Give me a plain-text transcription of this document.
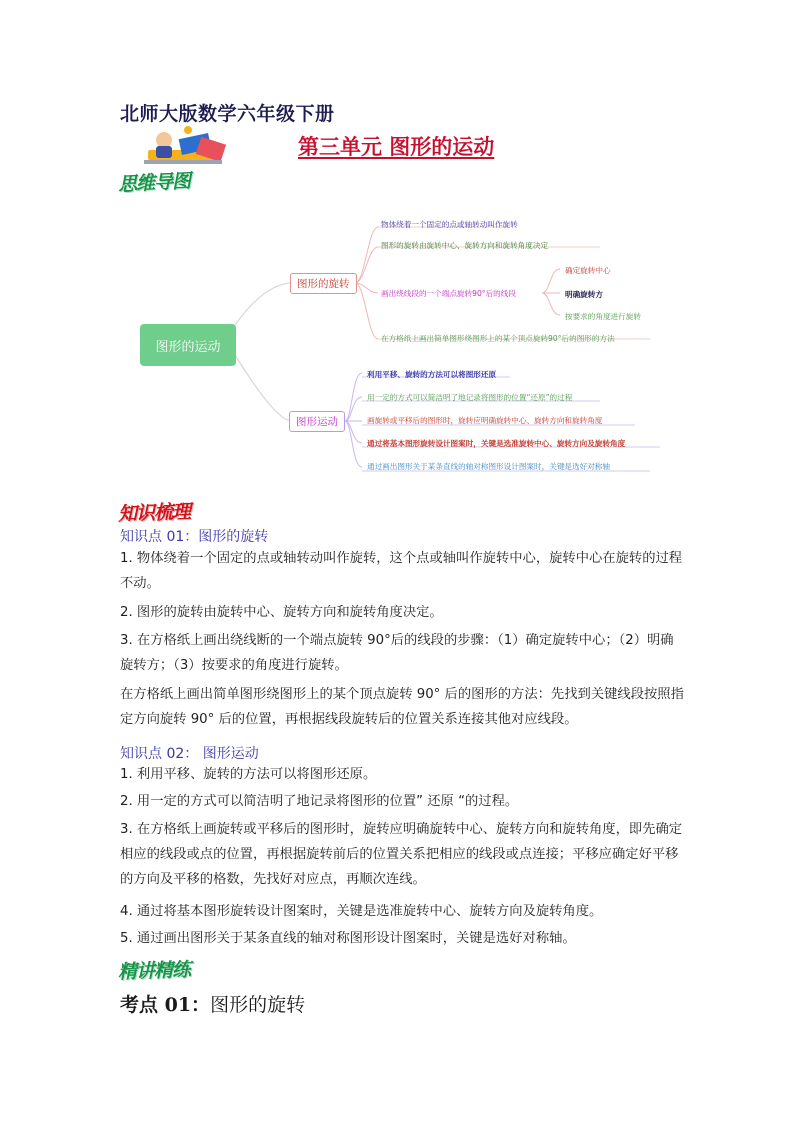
北师大版数学六年级下册
第三单元 图形的运动
思维导图
图形的运动
图形的旋转
物体绕着一个固定的点或轴转动叫作旋转
图形的旋转由旋转中心、旋转方向和旋转角度决定
画出绕线段的一个端点旋转90°后的线段
在方格纸上画出简单图形绕图形上的某个顶点旋转90°后的图形的方法
确定旋转中心
明确旋转方
按要求的角度进行旋转
图形运动
利用平移、旋转的方法可以将图形还原
用一定的方式可以简洁明了地记录将图形的位置“还原”的过程
画旋转或平移后的图形时，旋转应明确旋转中心、旋转方向和旋转角度
通过将基本图形旋转设计图案时，关键是选准旋转中心、旋转方向及旋转角度
通过画出图形关于某条直线的轴对称图形设计图案时，关键是选好对称轴
知识梳理
知识点 01：图形的旋转
1. 物体绕着一个固定的点或轴转动叫作旋转，这个点或轴叫作旋转中心，旋转中心在旋转的过程不动。
2. 图形的旋转由旋转中心、旋转方向和旋转角度决定。
3. 在方格纸上画出绕线断的一个端点旋转 90°后的线段的步骤：（1）确定旋转中心；（2）明确旋转方；（3）按要求的角度进行旋转。
在方格纸上画出简单图形绕图形上的某个顶点旋转 90° 后的图形的方法：先找到关键线段按照指定方向旋转 90° 后的位置，再根据线段旋转后的位置关系连接其他对应线段。
知识点 02： 图形运动
1. 利用平移、旋转的方法可以将图形还原。
2. 用一定的方式可以简洁明了地记录将图形的位置” 还原 “的过程。
3. 在方格纸上画旋转或平移后的图形时，旋转应明确旋转中心、旋转方向和旋转角度，即先确定相应的线段或点的位置，再根据旋转前后的位置关系把相应的线段或点连接；平移应确定好平移的方向及平移的格数，先找好对应点，再顺次连线。
4. 通过将基本图形旋转设计图案时，关键是选准旋转中心、旋转方向及旋转角度。
5. 通过画出图形关于某条直线的轴对称图形设计图案时，关键是选好对称轴。
精讲精练
考点 01：图形的旋转
